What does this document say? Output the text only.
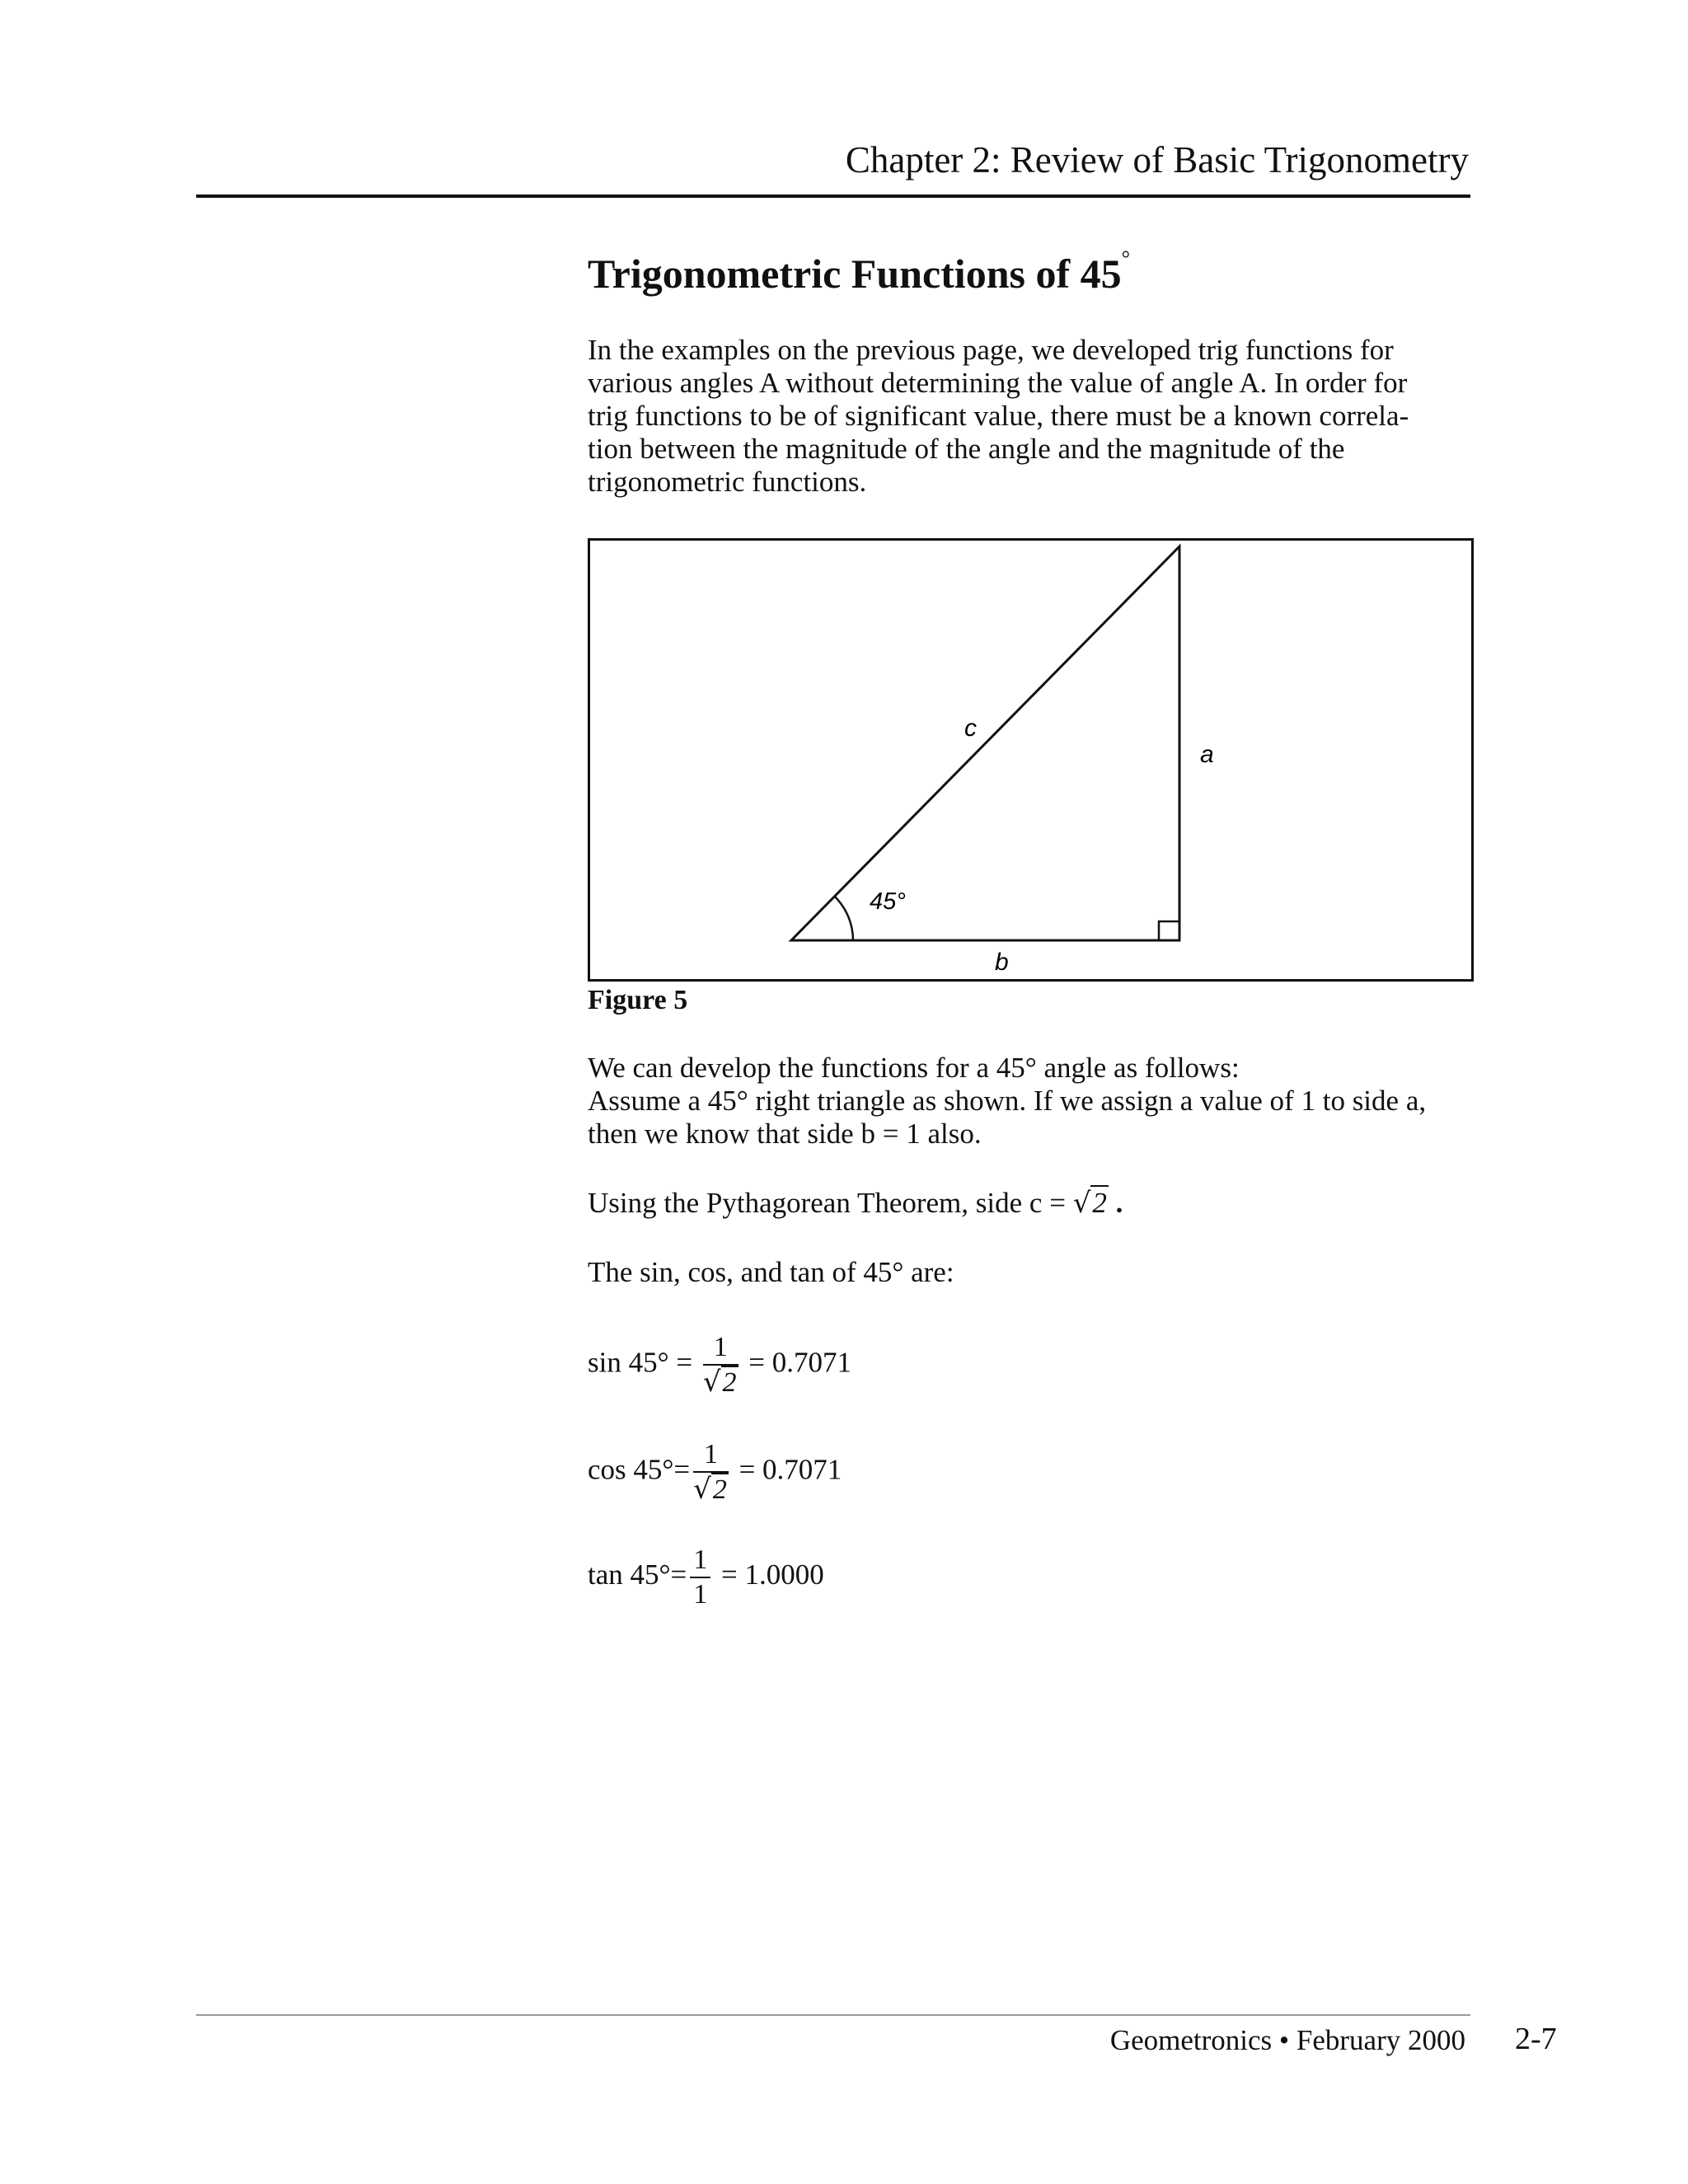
Chapter 2: Review of Basic Trigonometry
Trigonometric Functions of 45°
In the examples on the previous page, we developed trig functions for
various angles A without determining the value of angle A. In order for
trig functions to be of significant value, there must be a known correla-
tion between the magnitude of the angle and the magnitude of the
trigonometric functions.
c
a
b
45°
Figure 5
We can develop the functions for a 45° angle as follows:
Assume a 45° right triangle as shown. If we assign a value of 1 to side a,
then we know that side b = 1 also.
Using the Pythagorean Theorem, side c = √2 .
The sin, cos, and tan of 45° are:
$\sin 45^\circ = \frac{1}{√2} = 0.7071$
$\cos 45^\circ= \frac{1}{√2} = 0.7071$
$\tan 45^\circ= \frac{1}{1} = 1.0000$
Geometronics • February 2000 2-7
